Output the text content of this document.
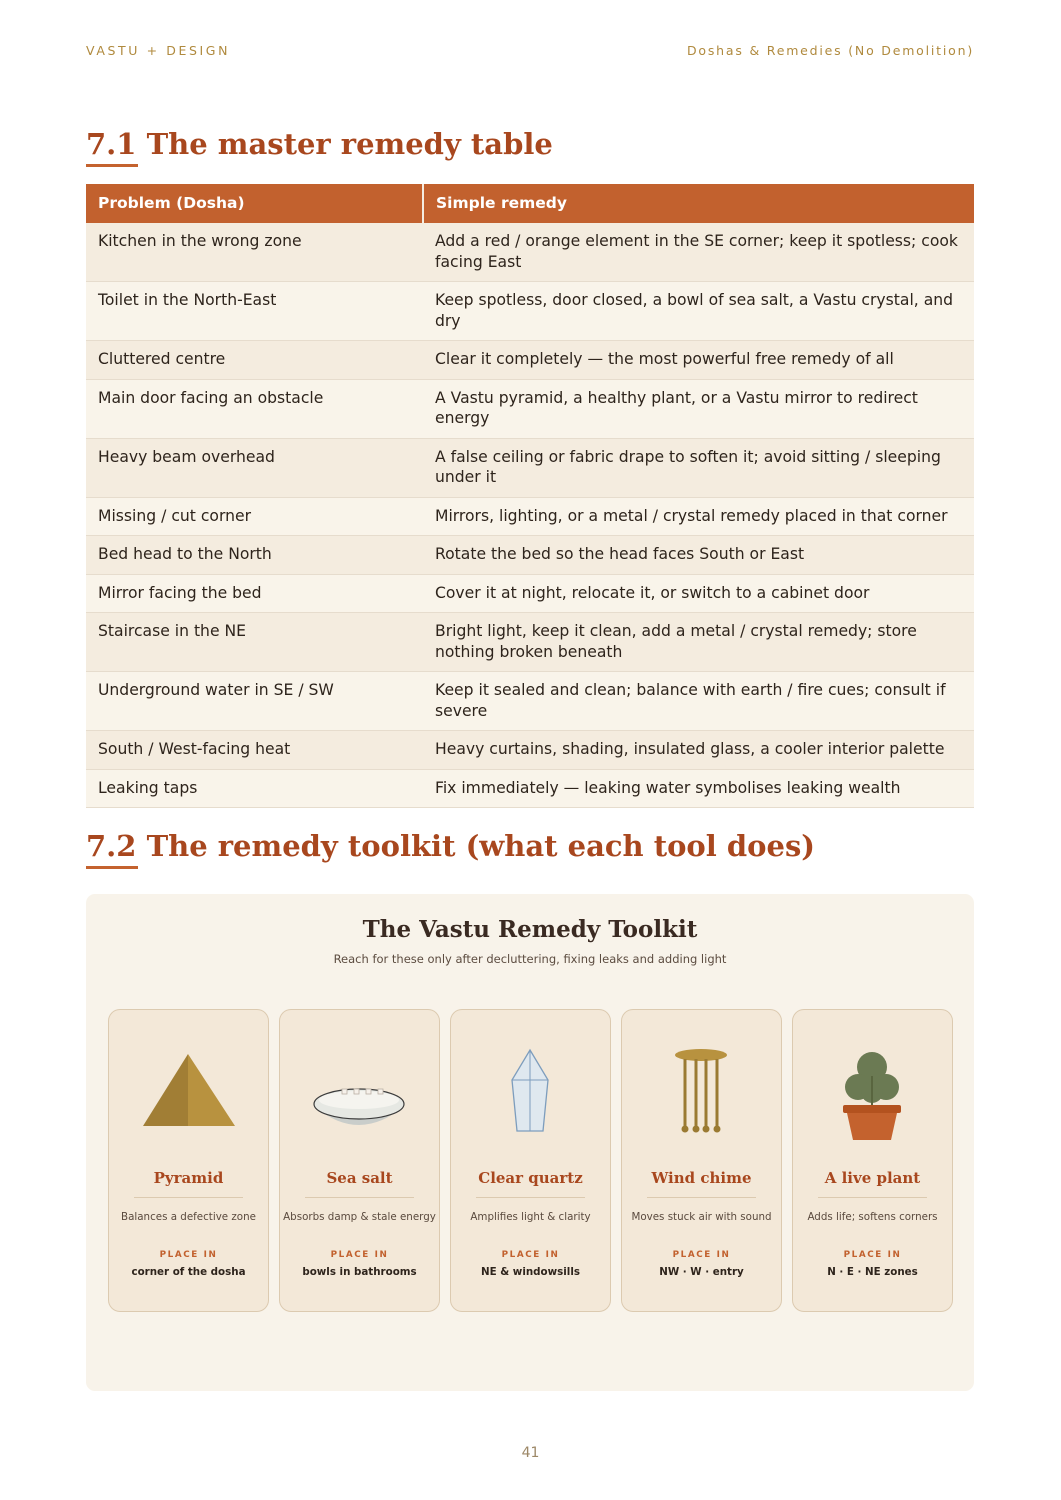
VASTU + DESIGN	Doshas & Remedies (No Demolition)
7.1 The master remedy table
Problem (Dosha)	Simple remedy
Kitchen in the wrong zone	Add a red / orange element in the SE corner; keep it spotless; cook facing East
Toilet in the North-East	Keep spotless, door closed, a bowl of sea salt, a Vastu crystal, and dry
Cluttered centre	Clear it completely — the most powerful free remedy of all
Main door facing an obstacle	A Vastu pyramid, a healthy plant, or a Vastu mirror to redirect energy
Heavy beam overhead	A false ceiling or fabric drape to soften it; avoid sitting / sleeping under it
Missing / cut corner	Mirrors, lighting, or a metal / crystal remedy placed in that corner
Bed head to the North	Rotate the bed so the head faces South or East
Mirror facing the bed	Cover it at night, relocate it, or switch to a cabinet door
Staircase in the NE	Bright light, keep it clean, add a metal / crystal remedy; store nothing broken beneath
Underground water in SE / SW	Keep it sealed and clean; balance with earth / fire cues; consult if severe
South / West-facing heat	Heavy curtains, shading, insulated glass, a cooler interior palette
Leaking taps	Fix immediately — leaking water symbolises leaking wealth
7.2 The remedy toolkit (what each tool does)
The Vastu Remedy Toolkit
Reach for these only after decluttering, fixing leaks and adding light
Pyramid
Balances a defective zone
PLACE IN
corner of the dosha
Sea salt
Absorbs damp & stale energy
PLACE IN
bowls in bathrooms
Clear quartz
Amplifies light & clarity
PLACE IN
NE & windowsills
Wind chime
Moves stuck air with sound
PLACE IN
NW · W · entry
A live plant
Adds life; softens corners
PLACE IN
N · E · NE zones
41
